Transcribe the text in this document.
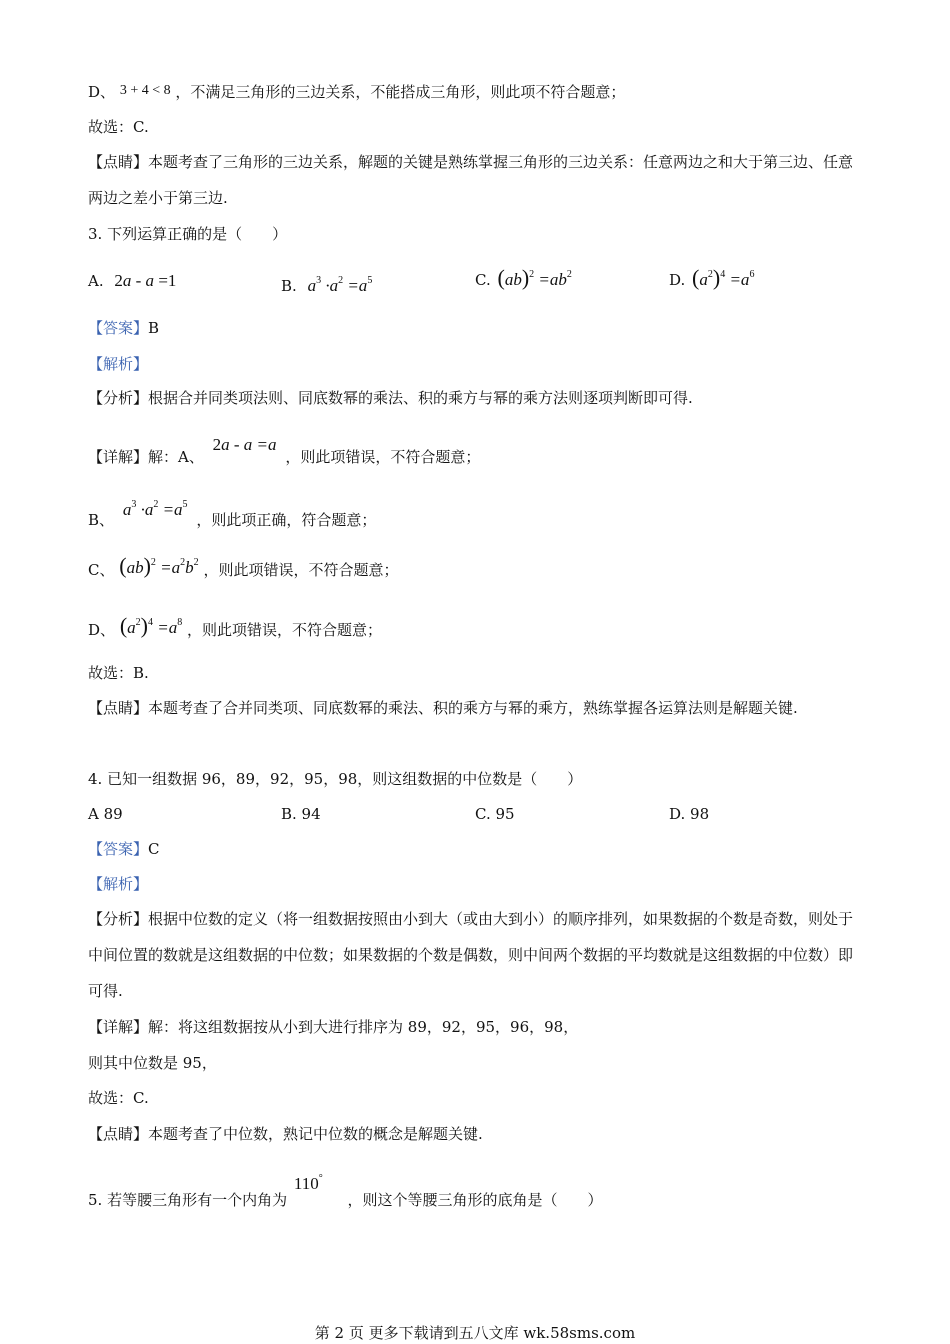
D、 3 + 4 < 8 ，不满足三角形的三边关系，不能搭成三角形，则此项不符合题意；
故选：C.
【点睛】本题考查了三角形的三边关系，解题的关键是熟练掌握三角形的三边关系：任意两边之和大于第三边、任意两边之差小于第三边.
3. 下列运算正确的是（　　）
A. 2a - a =1	B. $a^3 \cdot a^2 =a^5$	C. $(ab)^2 =ab^2$	D. $(a^2)^4 =a^6$
【答案】B
【解析】
【分析】根据合并同类项法则、同底数幂的乘法、积的乘方与幂的乘方法则逐项判断即可得.
【详解】解：A、 2a - a =a ，则此项错误，不符合题意；
B、 $a^3 \cdot a^2 =a^5$ ，则此项正确，符合题意；
C、 $(ab)^2 =a^2b^2$ ，则此项错误，不符合题意；
D、 $(a^2)^4 =a^8$ ，则此项错误，不符合题意；
故选：B.
【点睛】本题考查了合并同类项、同底数幂的乘法、积的乘方与幂的乘方，熟练掌握各运算法则是解题关键.
4. 已知一组数据 96，89，92，95，98，则这组数据的中位数是（　　）
A 89	B. 94	C. 95	D. 98
【答案】C
【解析】
【分析】根据中位数的定义（将一组数据按照由小到大（或由大到小）的顺序排列，如果数据的个数是奇数，则处于中间位置的数就是这组数据的中位数；如果数据的个数是偶数，则中间两个数据的平均数就是这组数据的中位数）即可得.
【详解】解：将这组数据按从小到大进行排序为 89，92，95，96，98，
则其中位数是 95，
故选：C.
【点睛】本题考查了中位数，熟记中位数的概念是解题关键.
5. 若等腰三角形有一个内角为 110° ，则这个等腰三角形的底角是（　　）
第 2 页 更多下载请到五八文库 wk.58sms.com
